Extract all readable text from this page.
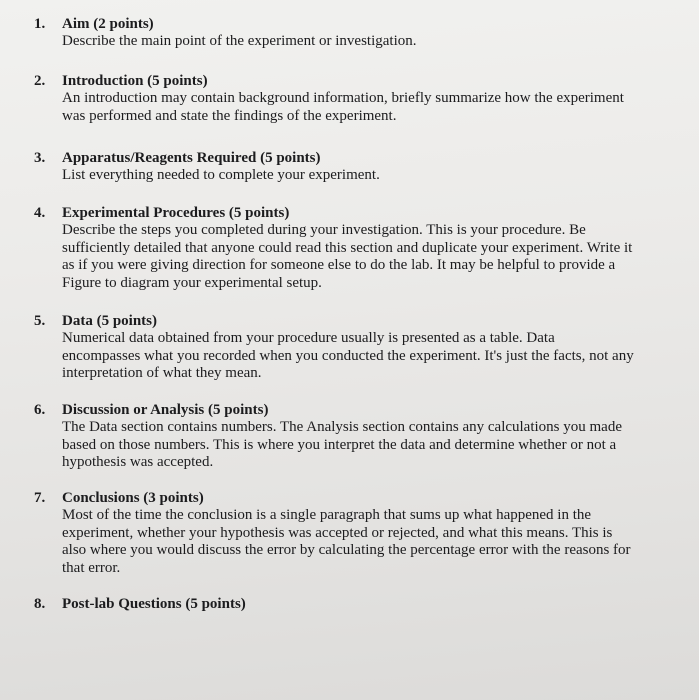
1. Aim (2 points)
Describe the main point of the experiment or investigation.
2. Introduction (5 points)
An introduction may contain background information, briefly summarize how the experiment
was performed and state the findings of the experiment.
3. Apparatus/Reagents Required (5 points)
List everything needed to complete your experiment.
4. Experimental Procedures (5 points)
Describe the steps you completed during your investigation. This is your procedure. Be
sufficiently detailed that anyone could read this section and duplicate your experiment. Write it
as if you were giving direction for someone else to do the lab. It may be helpful to provide a
Figure to diagram your experimental setup.
5. Data (5 points)
Numerical data obtained from your procedure usually is presented as a table. Data
encompasses what you recorded when you conducted the experiment. It's just the facts, not any
interpretation of what they mean.
6. Discussion or Analysis (5 points)
The Data section contains numbers. The Analysis section contains any calculations you made
based on those numbers. This is where you interpret the data and determine whether or not a
hypothesis was accepted.
7. Conclusions (3 points)
Most of the time the conclusion is a single paragraph that sums up what happened in the
experiment, whether your hypothesis was accepted or rejected, and what this means. This is
also where you would discuss the error by calculating the percentage error with the reasons for
that error.
8. Post-lab Questions (5 points)
